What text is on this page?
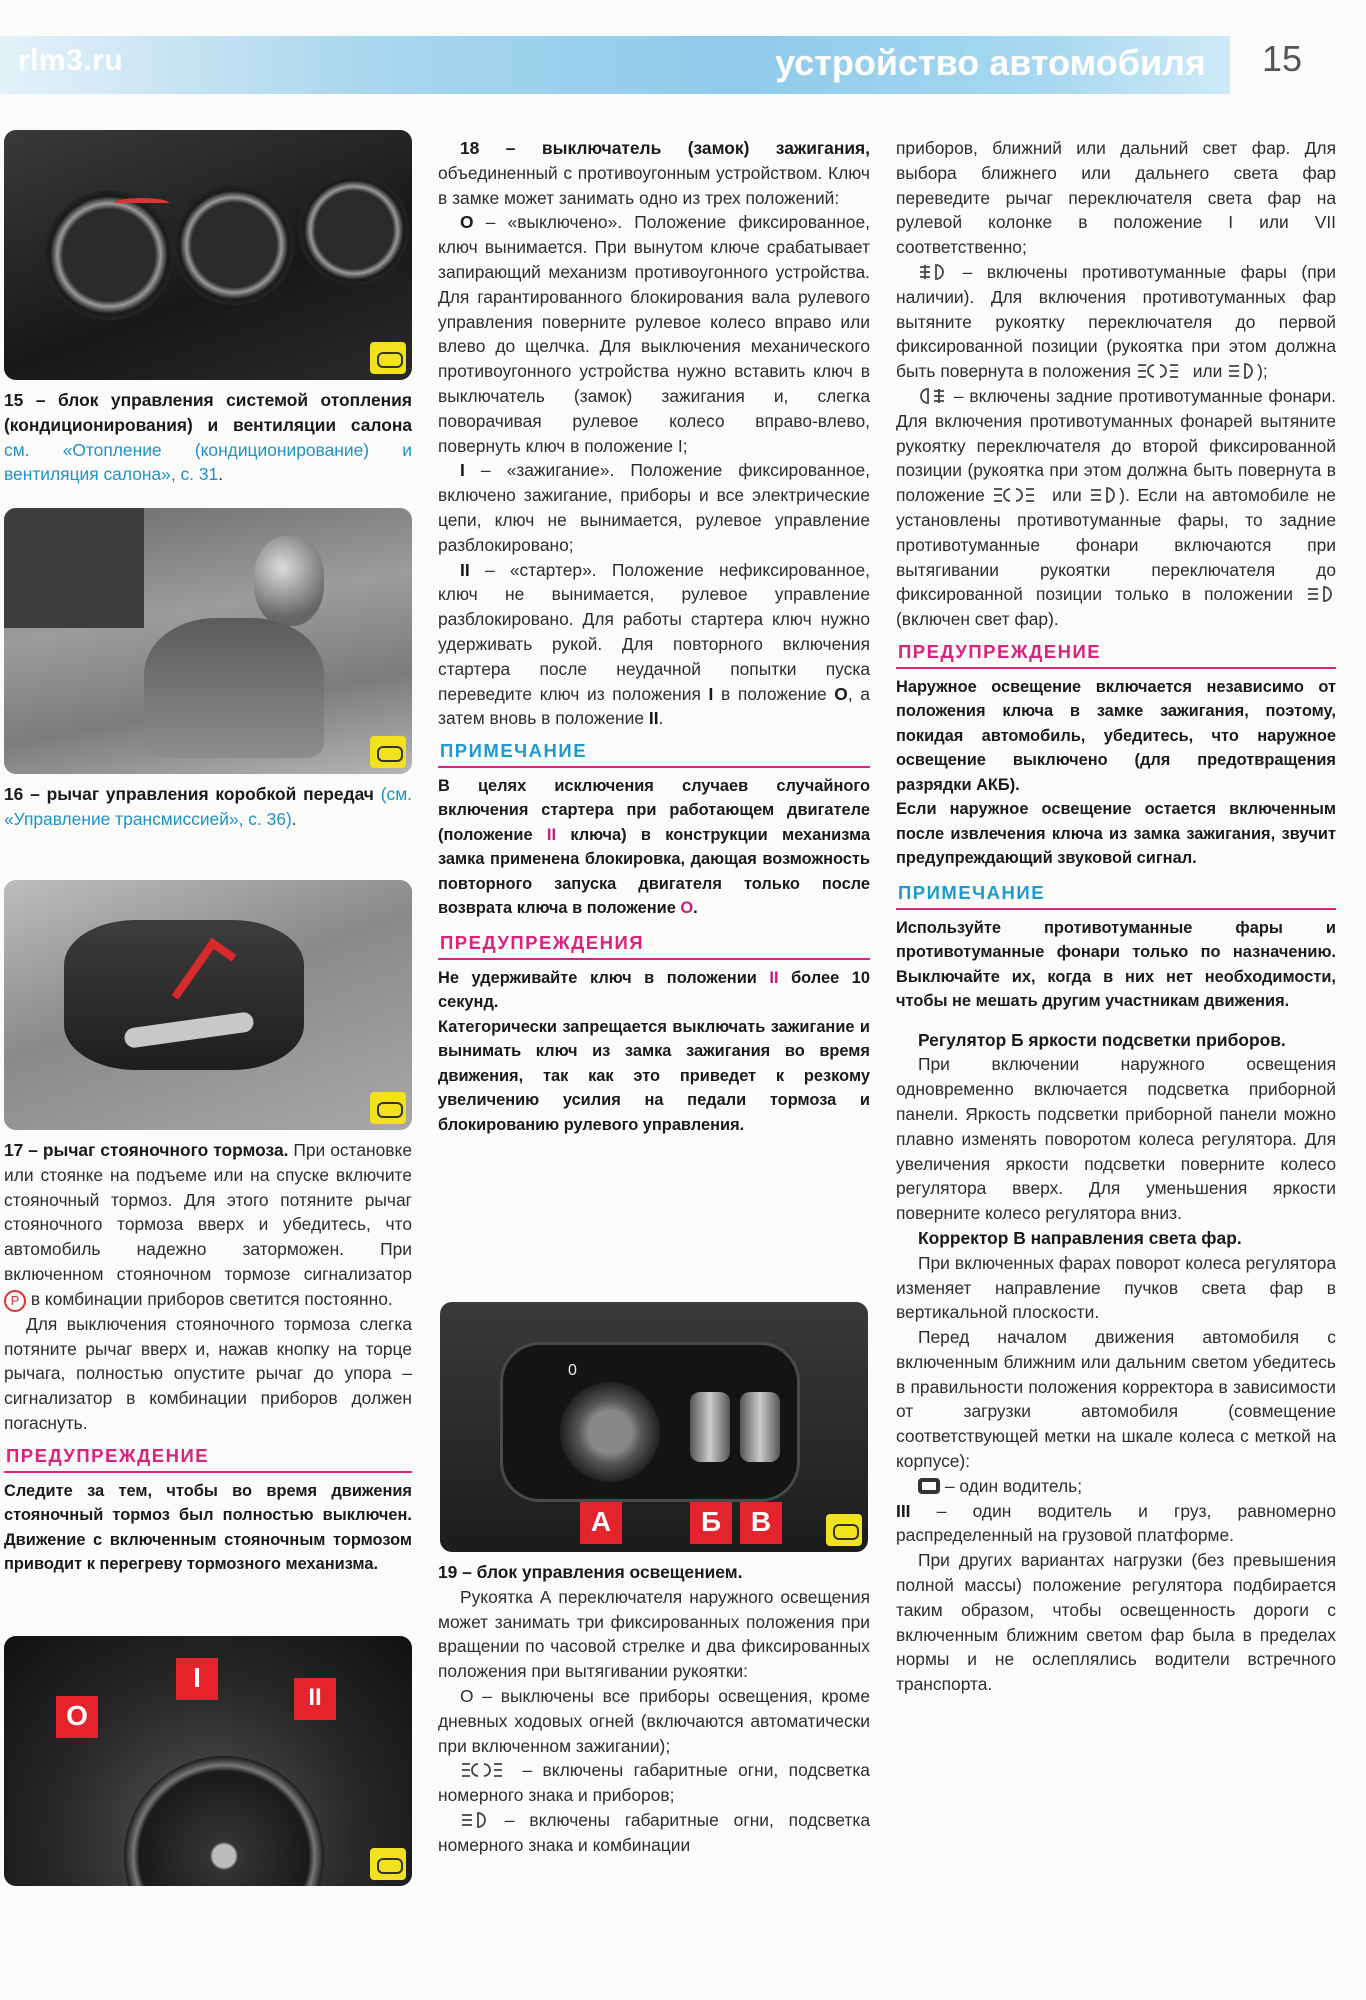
rlm3.ru	устройство автомобиля 15

15 – блок управления системой отопления (кондиционирования) и вентиляции салона см. «Отопление (кондиционирование) и вентиляция салона», с. 31.

16 – рычаг управления коробкой передач (см. «Управление трансмиссией», с. 36).

17 – рычаг стояночного тормоза. При остановке или стоянке на подъеме или на спуске включите стояночный тормоз. Для этого потяните рычаг стояночного тормоза вверх и убедитесь, что автомобиль надежно заторможен. При включенном стояночном тормозе сигнализатор P в комбинации приборов светится постоянно.

Для выключения стояночного тормоза слегка потяните рычаг вверх и, нажав кнопку на торце рычага, полностью опустите рычаг до упора – сигнализатор в комбинации приборов должен погаснуть.

ПРЕДУПРЕЖДЕНИЕ

Следите за тем, чтобы во время движения стояночный тормоз был полностью выключен. Движение с включенным стояночным тормозом приводит к перегреву тормозного механизма.

O
I
II

18 – выключатель (замок) зажигания, объединенный с противоугонным устройством. Ключ в замке может занимать одно из трех положений:

O – «выключено». Положение фиксированное, ключ вынимается. При вынутом ключе срабатывает запирающий механизм противоугонного устройства. Для гарантированного блокирования вала рулевого управления поверните рулевое колесо вправо или влево до щелчка. Для выключения механического противоугонного устройства нужно вставить ключ в выключатель (замок) зажигания и, слегка поворачивая рулевое колесо вправо-влево, повернуть ключ в положение I;

I – «зажигание». Положение фиксированное, включено зажигание, приборы и все электрические цепи, ключ не вынимается, рулевое управление разблокировано;

II – «стартер». Положение нефиксированное, ключ не вынимается, рулевое управление разблокировано. Для работы стартера ключ нужно удерживать рукой. Для повторного включения стартера после неудачной попытки пуска переведите ключ из положения I в положение O, а затем вновь в положение II.

ПРИМЕЧАНИЕ

В целях исключения случаев случайного включения стартера при работающем двигателе (положение II ключа) в конструкции механизма замка применена блокировка, дающая возможность повторного запуска двигателя только после возврата ключа в положение O.

ПРЕДУПРЕЖДЕНИЯ

Не удерживайте ключ в положении II более 10 секунд.

Категорически запрещается выключать зажигание и вынимать ключ из замка зажигания во время движения, так как это приведет к резкому увеличению усилия на педали тормоза и блокированию рулевого управления.

0
А	Б	В

19 – блок управления освещением.

Рукоятка А переключателя наружного освещения может занимать три фиксированных положения при вращении по часовой стрелке и два фиксированных положения при вытягивании рукоятки:

О – выключены все приборы освещения, кроме дневных ходовых огней (включаются автоматически при включенном зажигании);

– включены габаритные огни, подсветка номерного знака и приборов;

– включены габаритные огни, подсветка номерного знака и комбинации

приборов, ближний или дальний свет фар. Для выбора ближнего или дальнего света фар переведите рычаг переключателя света фар на рулевой колонке в положение I или VII соответственно;

– включены противотуманные фары (при наличии). Для включения противотуманных фар вытяните рукоятку переключателя до первой фиксированной позиции (рукоятка при этом должна быть повернута в положения	или );

– включены задние противотуманные фонари. Для включения противотуманных фонарей вытяните рукоятку переключателя до второй фиксированной позиции (рукоятка при этом должна быть повернута в положение	или ). Если на автомобиле не установлены противотуманные фары, то задние противотуманные фонари включаются при вытягивании рукоятки переключателя до фиксированной позиции только в положении  (включен свет фар).

ПРЕДУПРЕЖДЕНИЕ

Наружное освещение включается независимо от положения ключа в замке зажигания, поэтому, покидая автомобиль, убедитесь, что наружное освещение выключено (для предотвращения разрядки АКБ).

Если наружное освещение остается включенным после извлечения ключа из замка зажигания, звучит предупреждающий звуковой сигнал.

ПРИМЕЧАНИЕ

Используйте противотуманные фары и противотуманные фонари только по назначению. Выключайте их, когда в них нет необходимости, чтобы не мешать другим участникам движения.

Регулятор Б яркости подсветки приборов.

При включении наружного освещения одновременно включается подсветка приборной панели. Яркость подсветки приборной панели можно плавно изменять поворотом колеса регулятора. Для увеличения яркости подсветки поверните колесо регулятора вверх. Для уменьшения яркости поверните колесо регулятора вниз.

Корректор В направления света фар.

При включенных фарах поворот колеса регулятора изменяет направление пучков света фар в вертикальной плоскости.

Перед началом движения автомобиля с включенным ближним или дальним светом убедитесь в правильности положения корректора в зависимости от загрузки автомобиля (совмещение соответствующей метки на шкале колеса с меткой на корпусе):

– один водитель;

III – один водитель и груз, равномерно распределенный на грузовой платформе.

При других вариантах нагрузки (без превышения полной массы) положение регулятора подбирается таким образом, чтобы освещенность дороги с включенным ближним светом фар была в пределах нормы и не ослеплялись водители встречного транспорта.
